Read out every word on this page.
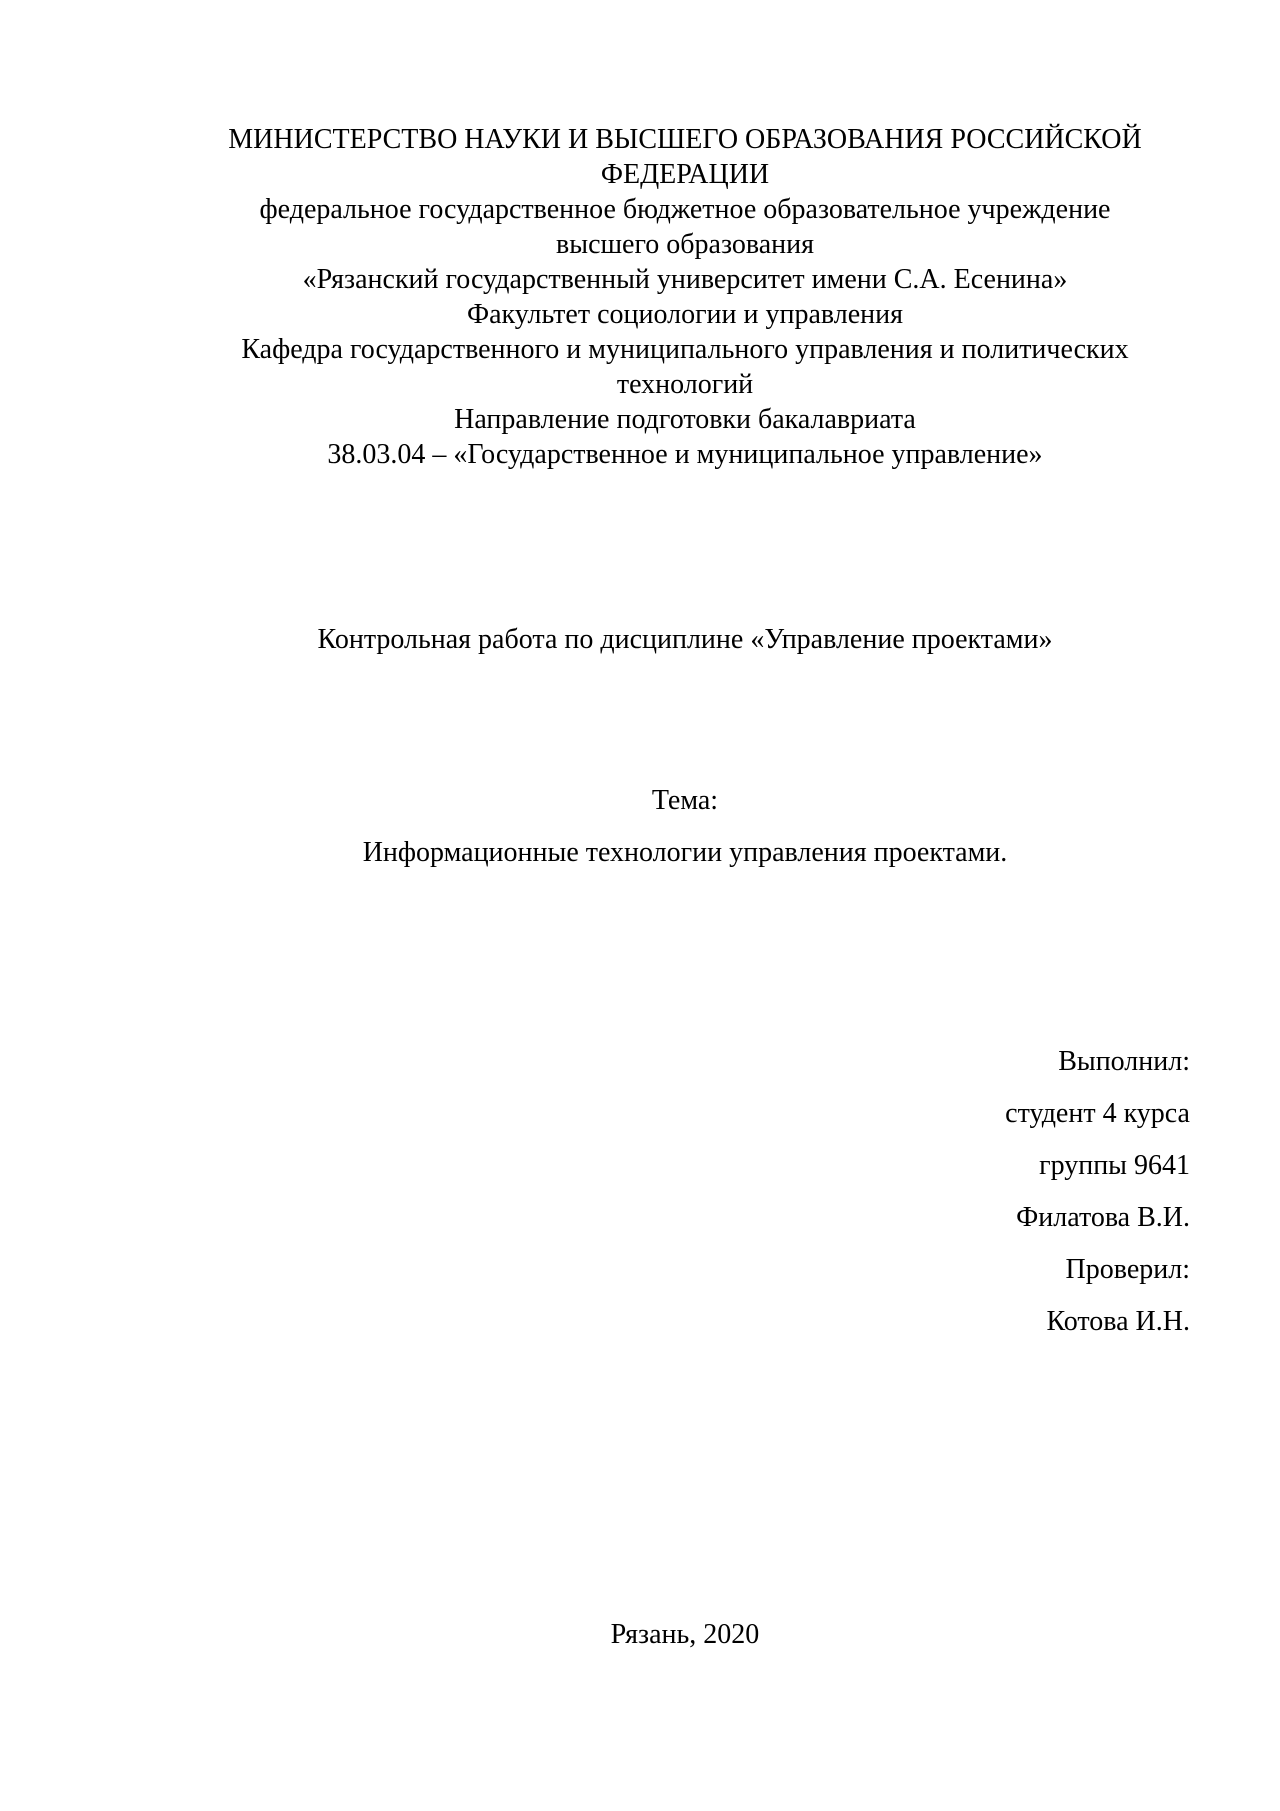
МИНИСТЕРСТВО НАУКИ И ВЫСШЕГО ОБРАЗОВАНИЯ РОССИЙСКОЙ
ФЕДЕРАЦИИ
федеральное государственное бюджетное образовательное учреждение
высшего образования
«Рязанский государственный университет имени С.А. Есенина»
Факультет социологии и управления
Кафедра государственного и муниципального управления и политических
технологий
Направление подготовки бакалавриата
38.03.04 – «Государственное и муниципальное управление»
Контрольная работа по дисциплине «Управление проектами»
Тема:
Информационные технологии управления проектами.
Выполнил:
студент 4 курса
группы 9641
Филатова В.И.
Проверил:
Котова И.Н.
Рязань, 2020
